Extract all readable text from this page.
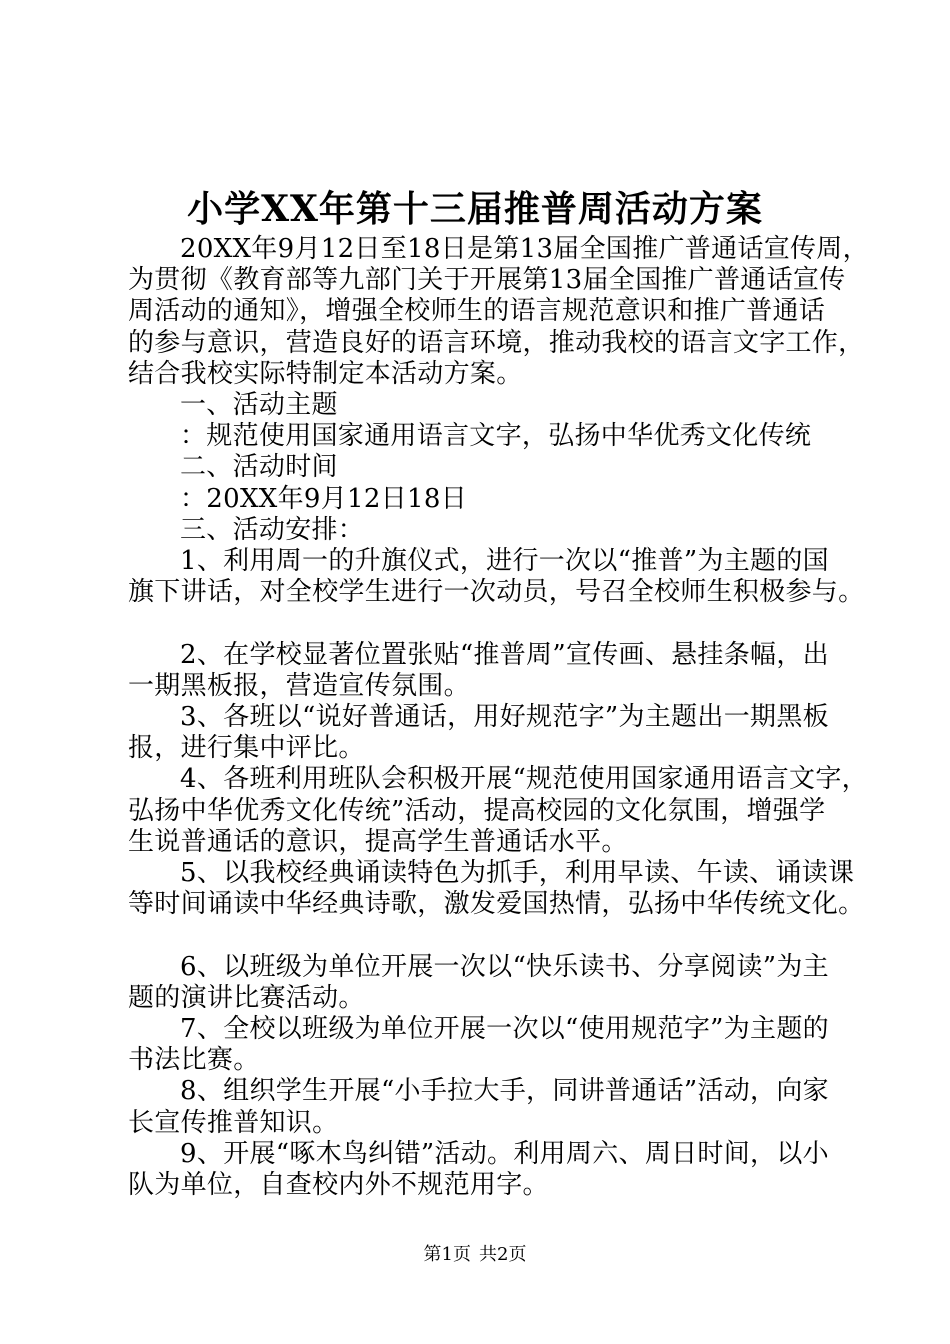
小学XX年第十三届推普周活动方案

20XX年9月12日至18日是第13届全国推广普通话宣传周，

为贯彻《教育部等九部门关于开展第13届全国推广普通话宣传

周活动的通知》，增强全校师生的语言规范意识和推广普通话

的参与意识，营造良好的语言环境，推动我校的语言文字工作，

结合我校实际特制定本活动方案。

一、活动主题

：规范使用国家通用语言文字，弘扬中华优秀文化传统

二、活动时间

：20XX年9月12日18日

三、活动安排：

1、利用周一的升旗仪式，进行一次以“推普”为主题的国

旗下讲话，对全校学生进行一次动员，号召全校师生积极参与。

2、在学校显著位置张贴“推普周”宣传画、悬挂条幅，出

一期黑板报，营造宣传氛围。

3、各班以“说好普通话，用好规范字”为主题出一期黑板

报，进行集中评比。

4、各班利用班队会积极开展“规范使用国家通用语言文字，

弘扬中华优秀文化传统”活动，提高校园的文化氛围，增强学

生说普通话的意识，提高学生普通话水平。

5、以我校经典诵读特色为抓手，利用早读、午读、诵读课

等时间诵读中华经典诗歌，激发爱国热情，弘扬中华传统文化。

6、以班级为单位开展一次以“快乐读书、分享阅读”为主

题的演讲比赛活动。

7、全校以班级为单位开展一次以“使用规范字”为主题的

书法比赛。

8、组织学生开展“小手拉大手，同讲普通话”活动，向家

长宣传推普知识。

9、开展“啄木鸟纠错”活动。利用周六、周日时间，以小

队为单位，自查校内外不规范用字。

第1页 共2页
